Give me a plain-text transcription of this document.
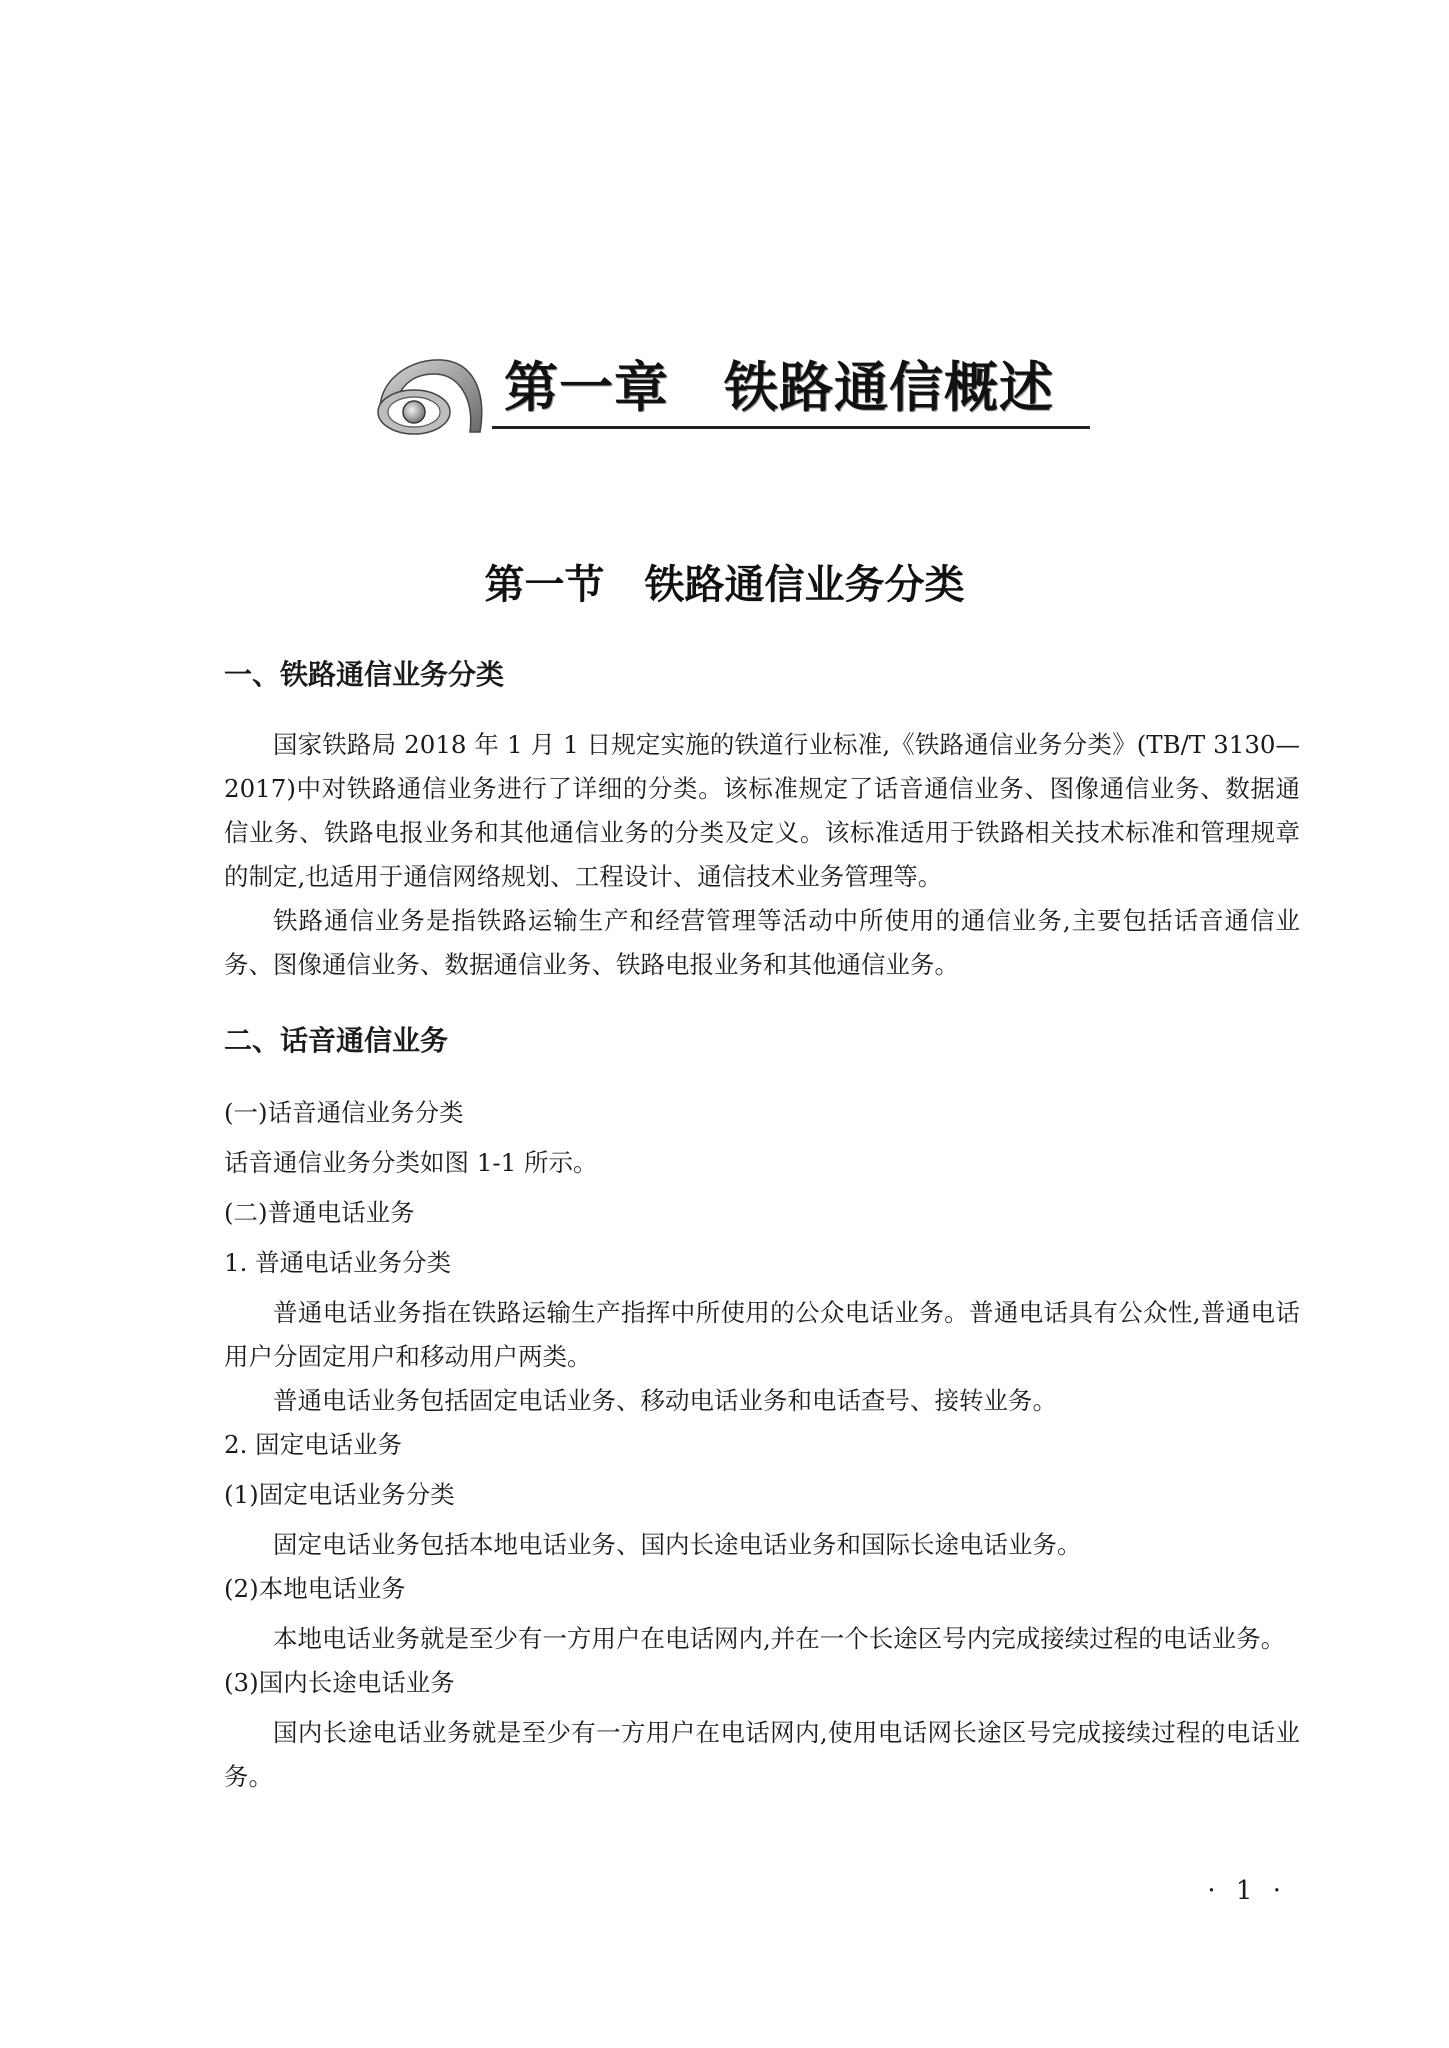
第一章　铁路通信概述
第一节　铁路通信业务分类
一、铁路通信业务分类

国家铁路局 2018 年 1 月 1 日规定实施的铁道行业标准,《铁路通信业务分类》(TB/T 3130—2017)中对铁路通信业务进行了详细的分类。该标准规定了话音通信业务、图像通信业务、数据通信业务、铁路电报业务和其他通信业务的分类及定义。该标准适用于铁路相关技术标准和管理规章的制定,也适用于通信网络规划、工程设计、通信技术业务管理等。

铁路通信业务是指铁路运输生产和经营管理等活动中所使用的通信业务,主要包括话音通信业务、图像通信业务、数据通信业务、铁路电报业务和其他通信业务。

二、话音通信业务
(一)话音通信业务分类
话音通信业务分类如图 1-1 所示。
(二)普通电话业务
1. 普通电话业务分类

普通电话业务指在铁路运输生产指挥中所使用的公众电话业务。普通电话具有公众性,普通电话用户分固定用户和移动用户两类。

普通电话业务包括固定电话业务、移动电话业务和电话查号、接转业务。

2. 固定电话业务
(1)固定电话业务分类

固定电话业务包括本地电话业务、国内长途电话业务和国际长途电话业务。

(2)本地电话业务

本地电话业务就是至少有一方用户在电话网内,并在一个长途区号内完成接续过程的电话业务。

(3)国内长途电话业务

国内长途电话业务就是至少有一方用户在电话网内,使用电话网长途区号完成接续过程的电话业务。

· 1 ·
